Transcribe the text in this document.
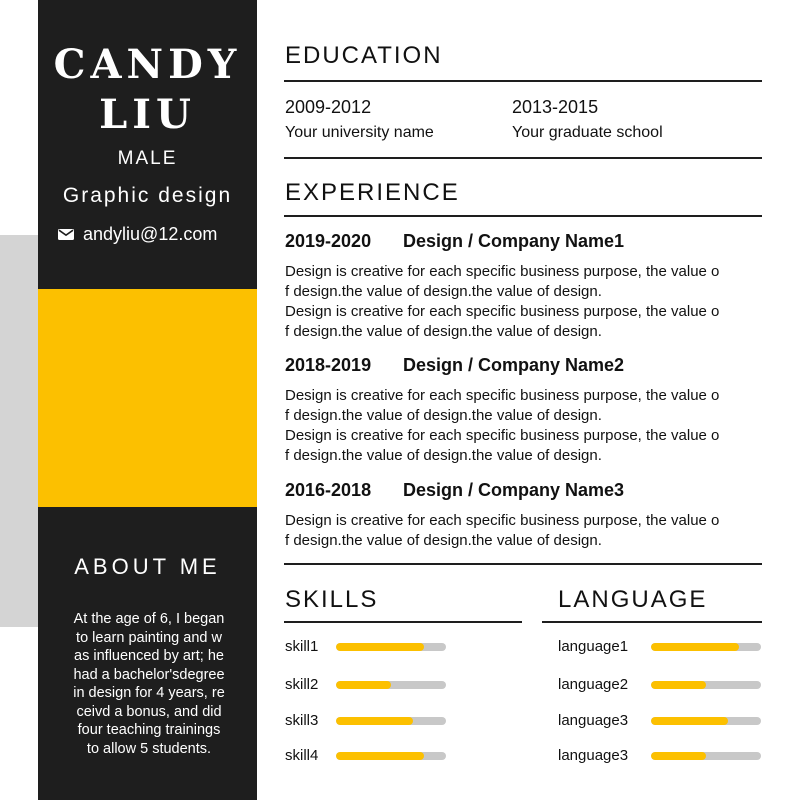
CANDY
LIU
MALE
Graphic design
andyliu@12.com
ABOUT ME
At the age of 6, I began
to learn painting and w
as influenced by art; he
had a bachelor'sdegree
in design for 4 years, re
ceivd a bonus, and did
four teaching trainings
to allow 5 students.
EDUCATION
2009-2012
Your university name
2013-2015
Your graduate school
EXPERIENCE
2019-2020 Design / Company Name1
Design is creative for each specific business purpose, the value o
f design.the value of design.the value of design.
Design is creative for each specific business purpose, the value o
f design.the value of design.the value of design.
2018-2019 Design / Company Name2
Design is creative for each specific business purpose, the value o
f design.the value of design.the value of design.
Design is creative for each specific business purpose, the value o
f design.the value of design.the value of design.
2016-2018 Design / Company Name3
Design is creative for each specific business purpose, the value o
f design.the value of design.the value of design.
SKILLS
skill1
skill2
skill3
skill4
LANGUAGE
language1
language2
language3
language3
